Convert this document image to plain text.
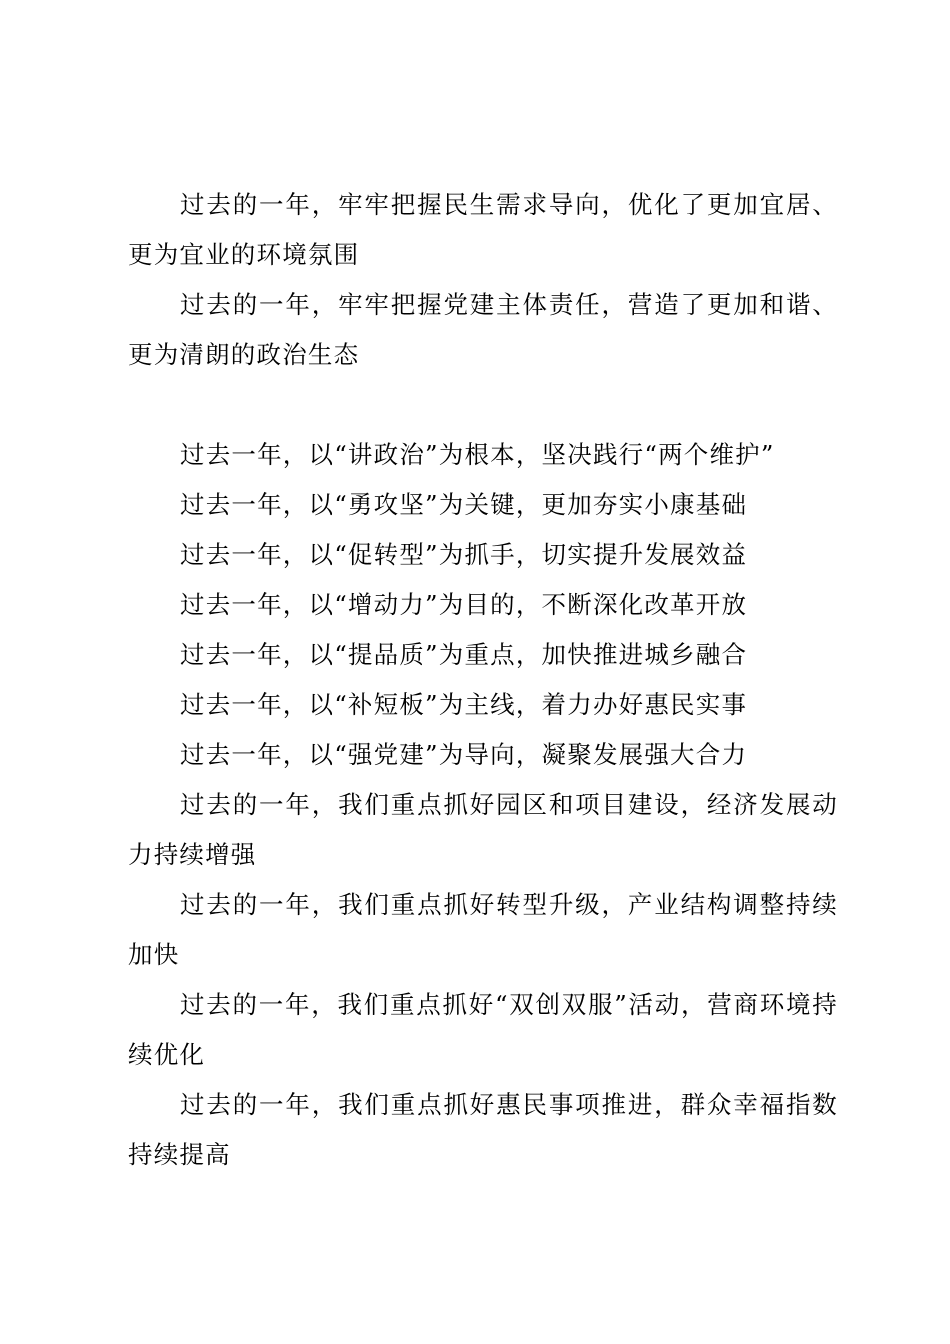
过去的一年，牢牢把握民生需求导向，优化了更加宜居、更为宜业的环境氛围

过去的一年，牢牢把握党建主体责任，营造了更加和谐、更为清朗的政治生态

过去一年，以“讲政治”为根本，坚决践行“两个维护”

过去一年，以“勇攻坚”为关键，更加夯实小康基础

过去一年，以“促转型”为抓手，切实提升发展效益

过去一年，以“增动力”为目的，不断深化改革开放

过去一年，以“提品质”为重点，加快推进城乡融合

过去一年，以“补短板”为主线，着力办好惠民实事

过去一年，以“强党建”为导向，凝聚发展强大合力

过去的一年，我们重点抓好园区和项目建设，经济发展动力持续增强

过去的一年，我们重点抓好转型升级，产业结构调整持续加快

过去的一年，我们重点抓好“双创双服”活动，营商环境持续优化

过去的一年，我们重点抓好惠民事项推进，群众幸福指数持续提高
